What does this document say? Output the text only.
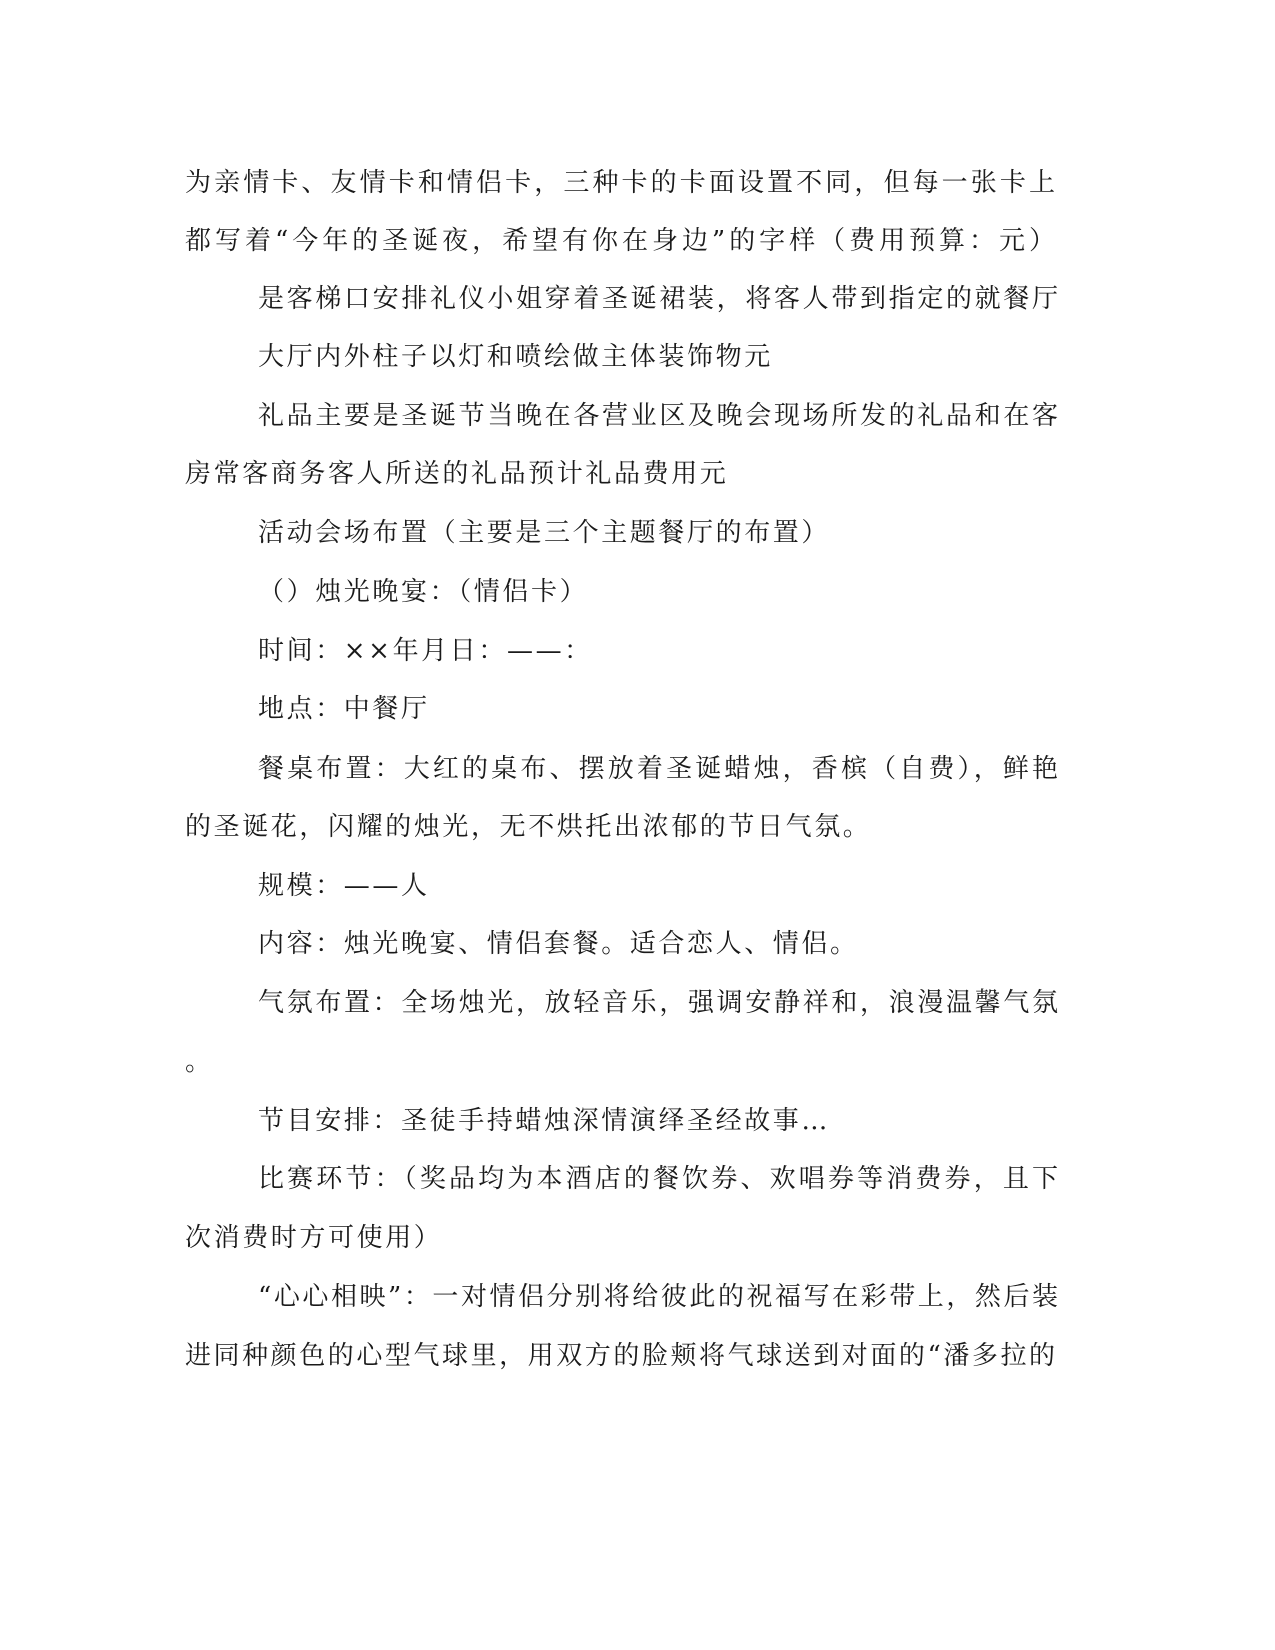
为亲情卡、友情卡和情侣卡，三种卡的卡面设置不同，但每一张卡上
都写着“今年的圣诞夜，希望有你在身边”的字样（费用预算：元）
是客梯口安排礼仪小姐穿着圣诞裙装，将客人带到指定的就餐厅
大厅内外柱子以灯和喷绘做主体装饰物元
礼品主要是圣诞节当晚在各营业区及晚会现场所发的礼品和在客
房常客商务客人所送的礼品预计礼品费用元
活动会场布置（主要是三个主题餐厅的布置）
（）烛光晚宴：（情侣卡）
时间：××年月日：——：
地点：中餐厅
餐桌布置：大红的桌布、摆放着圣诞蜡烛，香槟（自费），鲜艳
的圣诞花，闪耀的烛光，无不烘托出浓郁的节日气氛。
规模：——人
内容：烛光晚宴、情侣套餐。适合恋人、情侣。
气氛布置：全场烛光，放轻音乐，强调安静祥和，浪漫温馨气氛
。
节目安排：圣徒手持蜡烛深情演绎圣经故事…
比赛环节：（奖品均为本酒店的餐饮券、欢唱券等消费券，且下
次消费时方可使用）
“心心相映”：一对情侣分别将给彼此的祝福写在彩带上，然后装
进同种颜色的心型气球里，用双方的脸颊将气球送到对面的“潘多拉的
